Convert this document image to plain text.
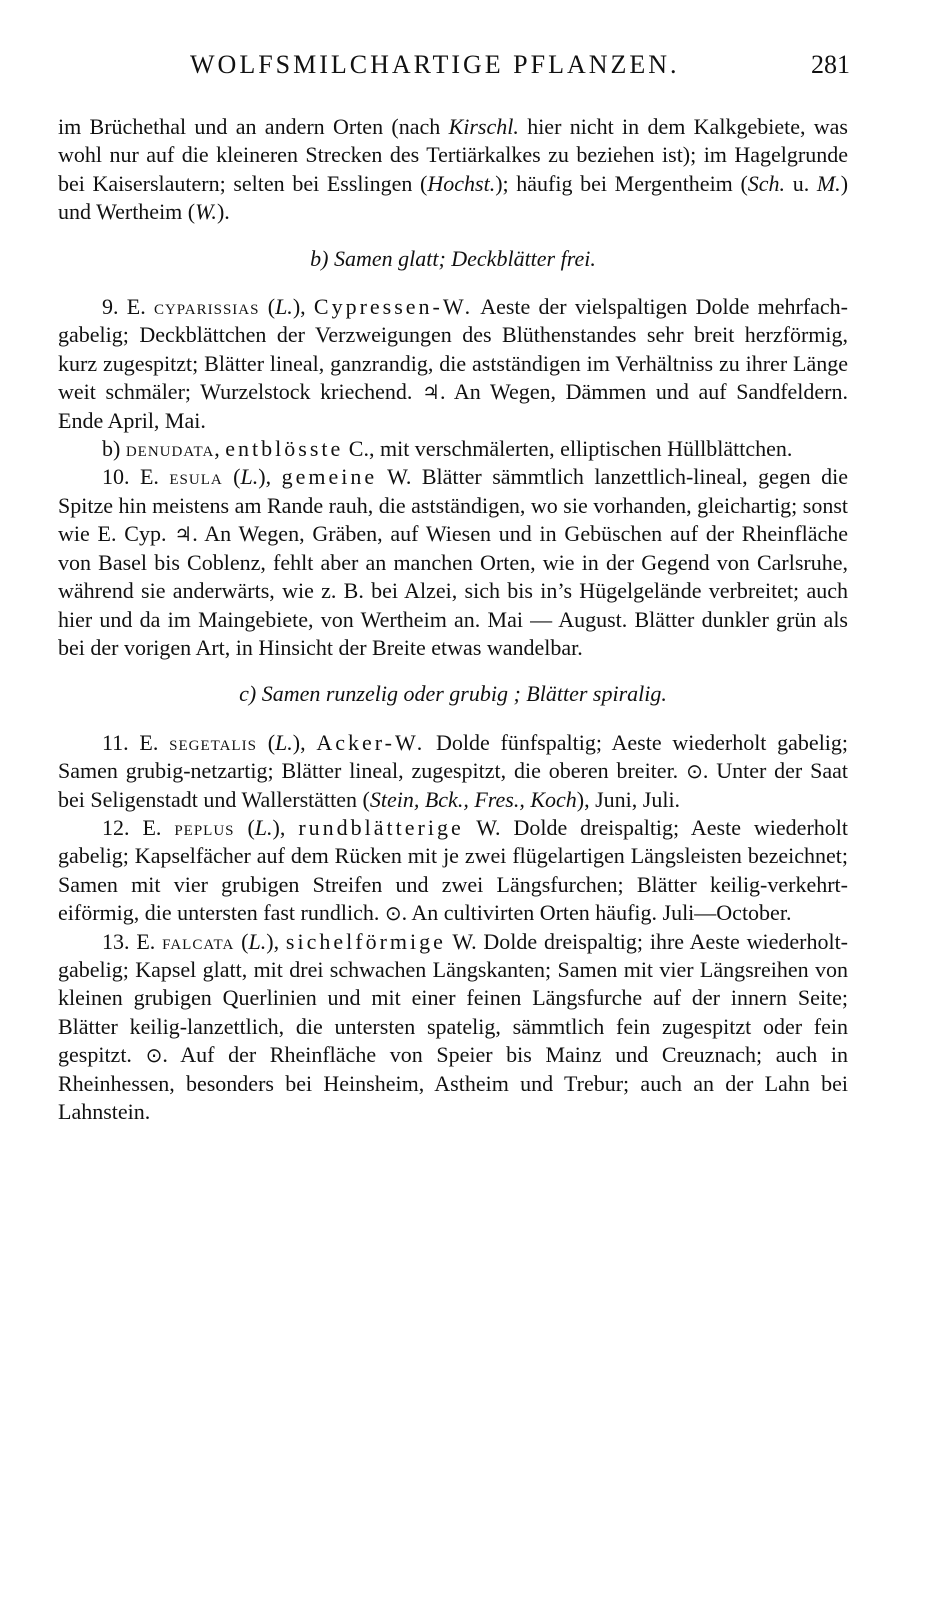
WOLFSMILCHARTIGE PFLANZEN.	281

im Brüchethal und an andern Orten (nach Kirschl. hier nicht in dem Kalkgebiete, was wohl nur auf die kleineren Strecken des Tertiärkalkes zu beziehen ist); im Hagelgrunde bei Kaiserslautern; selten bei Esslingen (Hochst.); häufig bei Mergentheim (Sch. u. M.) und Wertheim (W.).

b) Samen glatt; Deckblätter frei.

9. E. cyparissias (L.), Cypressen-W. Aeste der vielspaltigen Dolde mehrfach-gabelig; Deckblättchen der Verzweigungen des Blüthenstandes sehr breit herzförmig, kurz zugespitzt; Blätter lineal, ganzrandig, die astständigen im Verhältniss zu ihrer Länge weit schmäler; Wurzelstock kriechend. ♃. An Wegen, Dämmen und auf Sandfeldern. Ende April, Mai.

b) denudata, entblösste C., mit verschmälerten, elliptischen Hüllblättchen.

10. E. esula (L.), gemeine W. Blätter sämmtlich lanzettlich-lineal, gegen die Spitze hin meistens am Rande rauh, die astständigen, wo sie vorhanden, gleichartig; sonst wie E. Cyp. ♃. An Wegen, Gräben, auf Wiesen und in Gebüschen auf der Rheinfläche von Basel bis Coblenz, fehlt aber an manchen Orten, wie in der Gegend von Carlsruhe, während sie anderwärts, wie z. B. bei Alzei, sich bis in’s Hügelgelände verbreitet; auch hier und da im Maingebiete, von Wertheim an. Mai — August. Blätter dunkler grün als bei der vorigen Art, in Hinsicht der Breite etwas wandelbar.

c) Samen runzelig oder grubig ; Blätter spiralig.

11. E. segetalis (L.), Acker-W. Dolde fünfspaltig; Aeste wiederholt gabelig; Samen grubig-netzartig; Blätter lineal, zugespitzt, die oberen breiter. ⊙. Unter der Saat bei Seligenstadt und Wallerstätten (Stein, Bck., Fres., Koch), Juni, Juli.

12. E. peplus (L.), rundblätterige W. Dolde dreispaltig; Aeste wiederholt gabelig; Kapselfächer auf dem Rücken mit je zwei flügelartigen Längsleisten bezeichnet; Samen mit vier grubigen Streifen und zwei Längsfurchen; Blätter keilig-verkehrt-eiförmig, die untersten fast rundlich. ⊙. An cultivirten Orten häufig. Juli—October.

13. E. falcata (L.), sichelförmige W. Dolde dreispaltig; ihre Aeste wiederholt-gabelig; Kapsel glatt, mit drei schwachen Längskanten; Samen mit vier Längsreihen von kleinen grubigen Querlinien und mit einer feinen Längsfurche auf der innern Seite; Blätter keilig-lanzettlich, die untersten spatelig, sämmtlich fein zugespitzt oder fein gespitzt. ⊙. Auf der Rheinfläche von Speier bis Mainz und Creuznach; auch in Rheinhessen, besonders bei Heinsheim, Astheim und Trebur; auch an der Lahn bei Lahnstein.
